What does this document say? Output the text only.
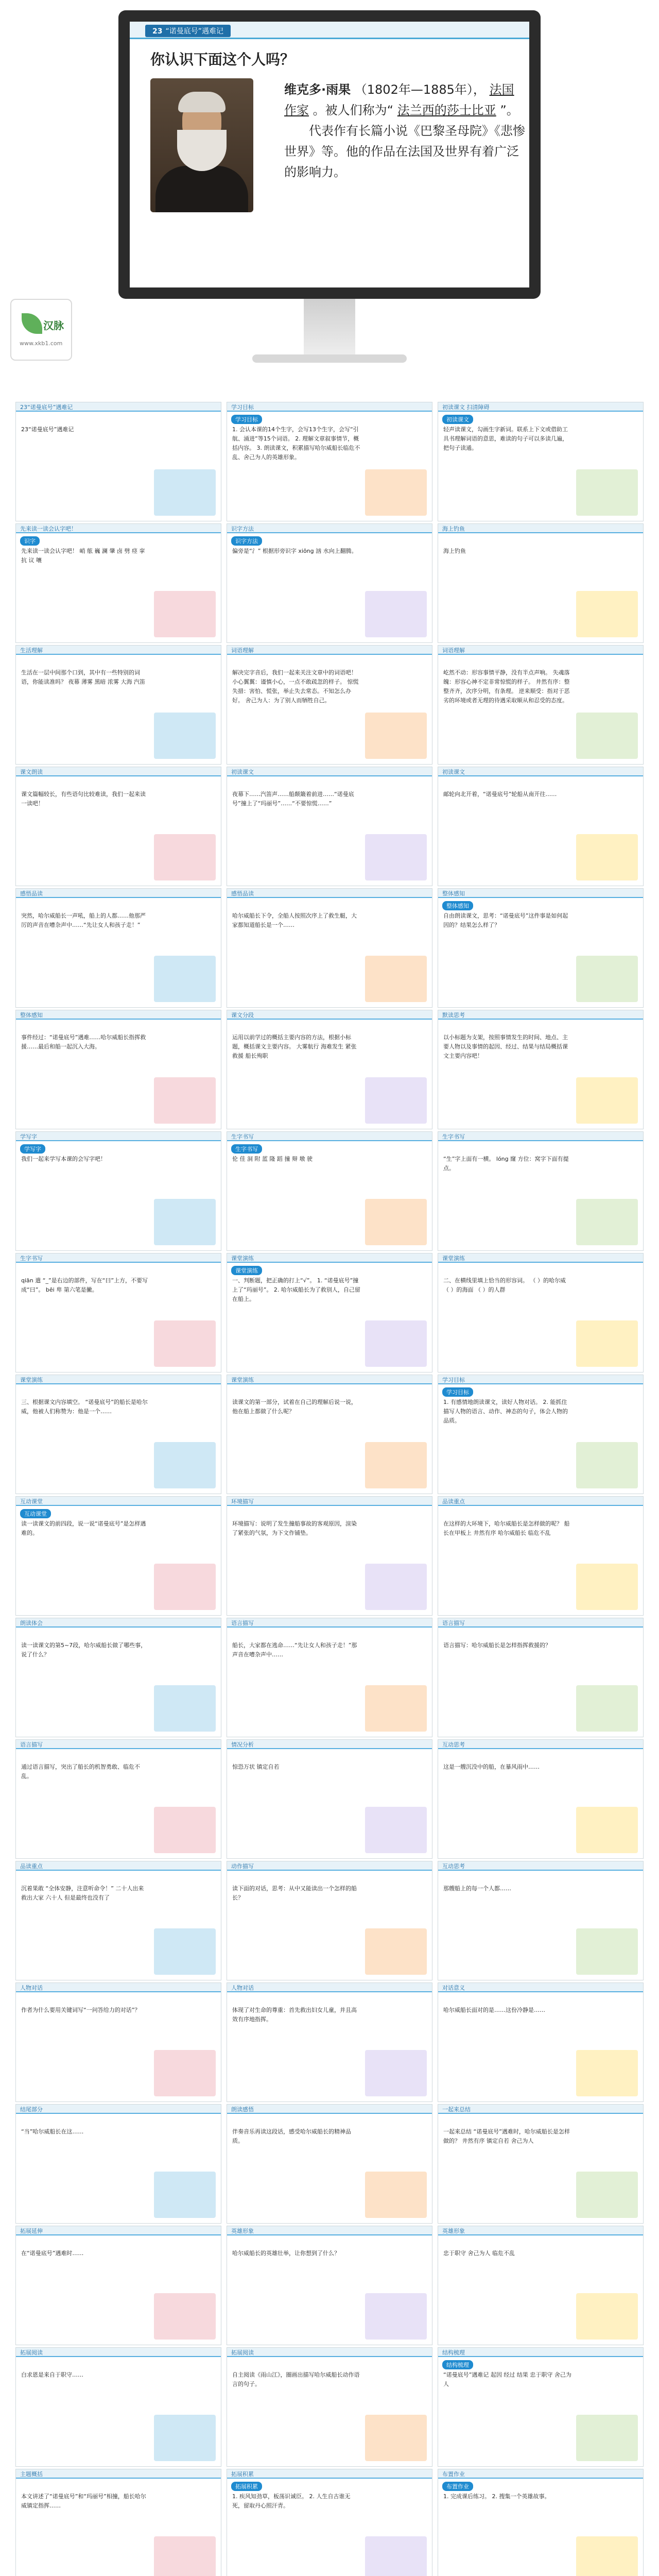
汉脉
www.xkb1.com
23 “诺曼底号”遇难记
你认识下面这个人吗？
维克多·雨果 （1802年—1885年）， 法国作家 。被人们称为“ 法兰西的莎士比亚 ”。
代表作有长篇小说《巴黎圣母院》《悲惨世界》等。他的作品在法国及世界有着广泛的影响力。
23“诺曼底号”遇难记
23“诺曼底号”遇难记
学习目标
学习目标
1. 会认本课的14个生字，会写13个生字，会写“引航、涌进”等15个词语。 2. 理解文章叙事情节，概括内容。 3. 朗读课文，积累描写哈尔威船长临危不乱、舍己为人的英雄形象。
初读课文 扫清障碍
初读课文
轻声读课文，勾画生字新词。联系上下文或借助工具书理解词语的意思，难读的句子可以多读几遍，把句子读通。
先来读一读会认字吧！
识字
先来读一读会认字吧！ 峭 舷 巍 澜 肇 卤 劈 痉 挛 抗 议 嚷
识字方法
识字方法
偏旁是“氵” 根据形旁识字 xiōng 汹 水向上翻腾。
海上钓鱼
海上钓鱼
生活理解
生活在一层中间那个口到，其中有一些特别的词语，你能读准吗？ 夜幕 薄雾 黑暗 浓雾 大海 汽笛
词语理解
解决完字音后，我们一起来关注文章中的词语吧！ 小心翼翼：谨慎小心，一点不敢疏忽的样子。 惊慌失措：害怕、慌张，举止失去常态。不知怎么办好。 舍己为人：为了别人而牺牲自己。
词语理解
屹然不动：形容事情平静，没有半点声响。 失魂落魄：形容心神不定非常惊慌的样子。 井然有序：整整齐齐，次序分明，有条理。 逆来顺受：指对于恶劣的环境或者无理的待遇采取顺从和忍受的态度。
课文朗读
课文篇幅较长，有些语句比较难读，我们一起来读一读吧！
初读课文
夜幕下……汽笛声……船颠簸着前进……“诺曼底号”撞上了“玛丽号”……“不要惊慌……”
初读课文
邮轮向北开着，“诺曼底号”轮船从南开往……
感悟品读
突然，哈尔威船长一声吼，船上的人都……他那严厉的声音在嘈杂声中……“先让女人和孩子走！”
感悟品读
哈尔威船长下令，全船人按照次序上了救生艇，大家都知道船长是一个……
整体感知
整体感知
自由朗读课文，思考：“诺曼底号”这件事是如何起因的？结果怎么样了？
整体感知
事件经过：“诺曼底号”遇难……哈尔威船长指挥救援……最后和船一起沉入大海。
课文分段
运用以前学过的概括主要内容的方法，根据小标题，概括课文主要内容。 大雾航行 海难发生 紧张救援 船长殉职
默读思考
以小标题为支架，按照事情发生的时间、地点、主要人物以及事情的起因、经过、结果与结局概括课文主要内容吧！
学写字
学写字
我们一起来学写本课的会写字吧！
生字书写
生字书写
伦 佳 洞 附 蓝 隆 蹈 撞 辩 墩 驶
生字书写
“生”字上面有一横。 lóng 窿 方位：窝字下面有提点。
生字书写
qiān 遣 “_”是右边的部件，写在“曰”上方，不要写成“曰”。 bēi 卑 第六笔是撇。
课堂演练
课堂演练
一、判断题，把正确的打上“√”。 1. “诺曼底号”撞上了“玛丽号”。 2. 哈尔威船长为了救别人，自己留在船上。
课堂演练
二、在横线里填上恰当的形容词。 （ ）的哈尔威 （ ）的海面 （ ）的人群
课堂演练
三、根据课文内容填空。 “诺曼底号”的船长是哈尔威，他被人们称赞为：他是一个……
课堂演练
读课文的第一部分，试着在自己的理解后说一说，他在船上都做了什么呢？
学习目标
学习目标
1. 有感情地朗读课文，读好人物对话。 2. 能抓住描写人物的语言、动作、神态的句子，体会人物的品质。
互动课堂
互动课堂
读一读课文的前四段，说一说“诺曼底号”是怎样遇难的。
环境描写
环境描写：说明了发生撞船事故的客观原因，渲染了紧张的气氛，为下文作铺垫。
品读重点
在这样的大环境下，哈尔威船长是怎样做的呢？ 船长在甲板上 井然有序 哈尔威船长 临危不乱
朗读体会
读一读课文的第5~7段，哈尔威船长做了哪些事，说了什么？
语言描写
船长，大家都在逃命……“先让女人和孩子走！”那声音在嘈杂声中……
语言描写
语言描写：哈尔威船长是怎样指挥救援的？
语言描写
通过语言描写，突出了船长的机智勇敢、临危不乱。
情况分析
惊恐万状 镇定自若
互动思考
这是一艘沉没中的船，在暴风雨中……
品读重点
沉着果敢 “全体安静，注意听命令！” 二十人出来 救出大家 六十人 但是最终也没有了
动作描写
读下面的对话，思考：从中又能读出一个怎样的船长？
互动思考
那艘船上的每一个人都……
人物对话
作者为什么要用关键词写“一问答给力的对话”？
人物对话
体现了对生命的尊重：首先救出妇女儿童，并且高效有序地指挥。
对话意义
哈尔威船长面对的是……这份冷静是……
结尾部分
“当”哈尔威船长在这……
朗读感悟
伴奏音乐再读这段话，感受哈尔威船长的精神品质。
一起来总结
一起来总结 “诺曼底号”遇难时，哈尔威船长是怎样做的？ 井然有序 镇定自若 舍己为人
拓展延伸
在“诺曼底号”遇难时……
英雄形象
哈尔威船长的英雄壮举，让你想到了什么？
英雄形象
忠于职守 舍己为人 临危不乱
拓展阅读
白求恩是来自于职守……
拓展阅读
自主阅读《雨山江》，圈画出描写哈尔威船长动作语言的句子。
结构梳理
结构梳理
“诺曼底号”遇难记 起因 经过 结果 忠于职守 舍己为人
主题概括
本文讲述了“诺曼底号”和“玛丽号”相撞，船长哈尔威镇定指挥……
拓展积累
拓展积累
1. 疾风知劲草，板荡识诚臣。 2. 人生自古谁无死，留取丹心照汗青。
布置作业
布置作业
1. 完成课后练习。 2. 搜集一个英雄故事。
